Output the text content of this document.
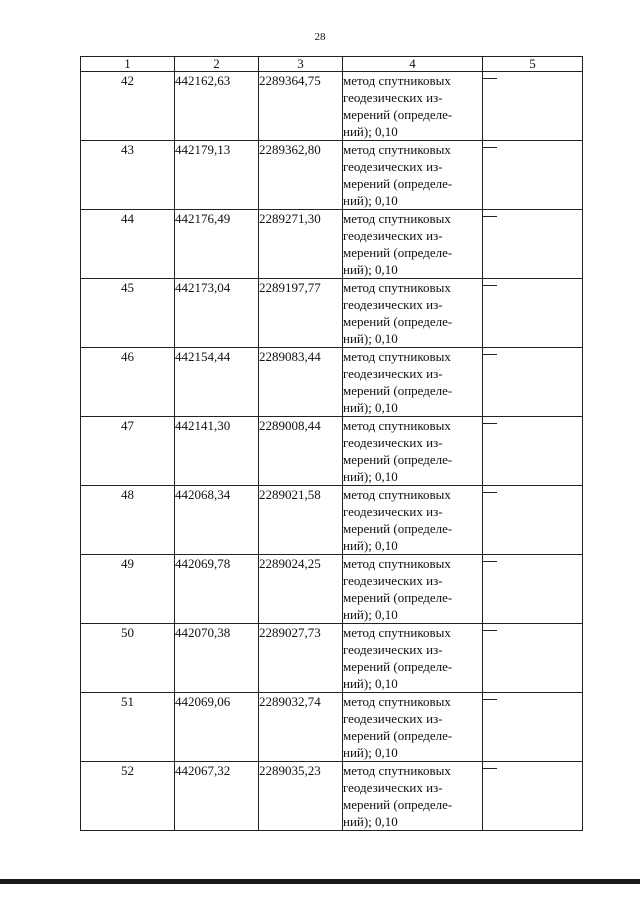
28
1	2	3	4	5
42	442162,63	2289364,75	метод спутниковых
геодезических из-
мерений (определе-
ний); 0,10	

43	442179,13	2289362,80	метод спутниковых
геодезических из-
мерений (определе-
ний); 0,10	

44	442176,49	2289271,30	метод спутниковых
геодезических из-
мерений (определе-
ний); 0,10	

45	442173,04	2289197,77	метод спутниковых
геодезических из-
мерений (определе-
ний); 0,10	

46	442154,44	2289083,44	метод спутниковых
геодезических из-
мерений (определе-
ний); 0,10	

47	442141,30	2289008,44	метод спутниковых
геодезических из-
мерений (определе-
ний); 0,10	

48	442068,34	2289021,58	метод спутниковых
геодезических из-
мерений (определе-
ний); 0,10	

49	442069,78	2289024,25	метод спутниковых
геодезических из-
мерений (определе-
ний); 0,10	

50	442070,38	2289027,73	метод спутниковых
геодезических из-
мерений (определе-
ний); 0,10	

51	442069,06	2289032,74	метод спутниковых
геодезических из-
мерений (определе-
ний); 0,10	

52	442067,32	2289035,23	метод спутниковых
геодезических из-
мерений (определе-
ний); 0,10	
